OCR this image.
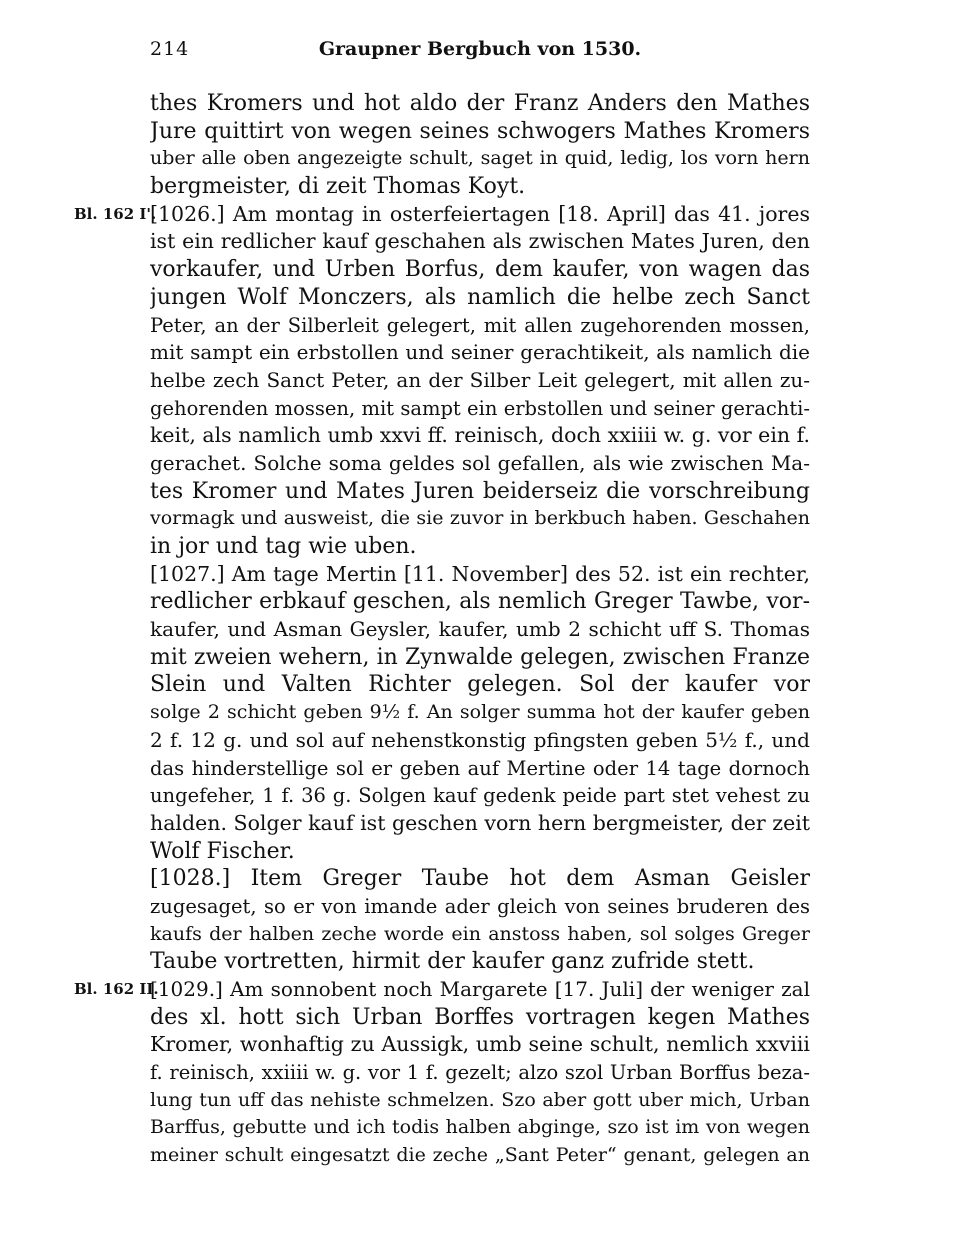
214	Graupner Bergbuch von 1530.
thes Kromers und hot aldo der Franz Anders den Mathes
Jure quittirt von wegen seines schwogers Mathes Kromers
uber alle oben angezeigte schult, saget in quid, ledig, los vorn hern
bergmeister, di zeit Thomas Koyt.
Bl. 162 I'.
[1026.] Am montag in osterfeiertagen [18. April] das 41. jores
ist ein redlicher kauf geschahen als zwischen Mates Juren, den
vorkaufer, und Urben Borfus, dem kaufer, von wagen das
jungen Wolf Monczers, als namlich die helbe zech Sanct
Peter, an der Silberleit gelegert, mit allen zugehorenden mossen,
mit sampt ein erbstollen und seiner gerachtikeit, als namlich die
helbe zech Sanct Peter, an der Silber Leit gelegert, mit allen zu-
gehorenden mossen, mit sampt ein erbstollen und seiner gerachti-
keit, als namlich umb xxvi ff. reinisch, doch xxiiii w. g. vor ein f.
gerachet. Solche soma geldes sol gefallen, als wie zwischen Ma-
tes Kromer und Mates Juren beiderseiz die vorschreibung
vormagk und ausweist, die sie zuvor in berkbuch haben. Geschahen
in jor und tag wie uben.
[1027.] Am tage Mertin [11. November] des 52. ist ein rechter,
redlicher erbkauf geschen, als nemlich Greger Tawbe, vor-
kaufer, und Asman Geysler, kaufer, umb 2 schicht uff S. Thomas
mit zweien wehern, in Zynwalde gelegen, zwischen Franze
Slein und Valten Richter gelegen. Sol der kaufer vor
solge 2 schicht geben 9½ f. An solger summa hot der kaufer geben
2 f. 12 g. und sol auf nehenstkonstig pfingsten geben 5½ f., und
das hinderstellige sol er geben auf Mertine oder 14 tage dornoch
ungefeher, 1 f. 36 g. Solgen kauf gedenk peide part stet vehest zu
halden. Solger kauf ist geschen vorn hern bergmeister, der zeit
Wolf Fischer.
[1028.] Item Greger Taube hot dem Asman Geisler
zugesaget, so er von imande ader gleich von seines bruderen des
kaufs der halben zeche worde ein anstoss haben, sol solges Greger
Taube vortretten, hirmit der kaufer ganz zufride stett.
Bl. 162 II.
[1029.] Am sonnobent noch Margarete [17. Juli] der weniger zal
des xl. hott sich Urban Borffes vortragen kegen Mathes
Kromer, wonhaftig zu Aussigk, umb seine schult, nemlich xxviii
f. reinisch, xxiiii w. g. vor 1 f. gezelt; alzo szol Urban Borffus beza-
lung tun uff das nehiste schmelzen. Szo aber gott uber mich, Urban
Barffus, gebutte und ich todis halben abginge, szo ist im von wegen
meiner schult eingesatzt die zeche „Sant Peter“ genant, gelegen an
